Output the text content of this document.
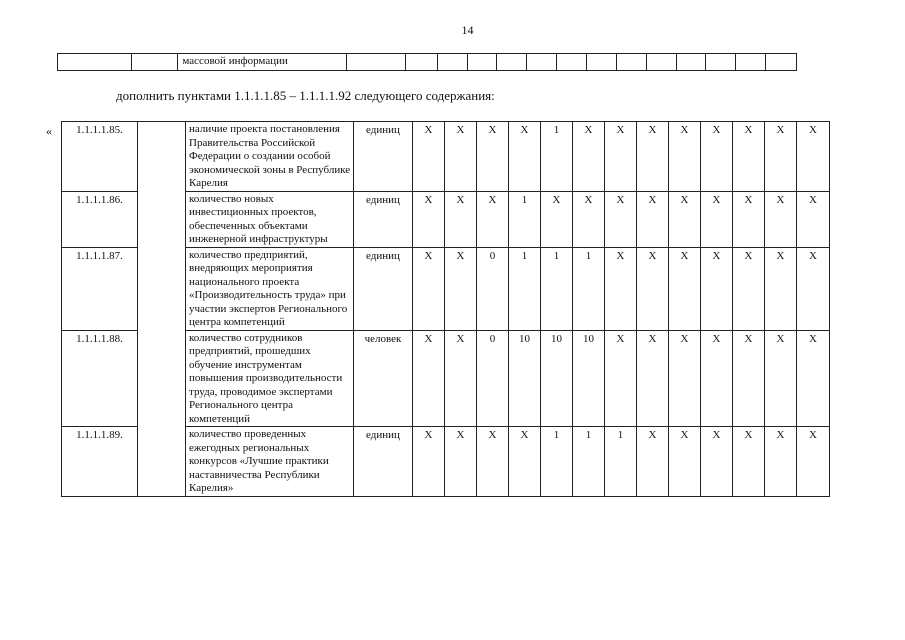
14
		массовой информации														
дополнить пунктами 1.1.1.1.85 – 1.1.1.1.92 следующего содержания:
« 1.1.1.1.85.		наличие проекта постановления Правительства Российской Федерации о создании особой экономической зоны в Республике Карелия	единиц	X	X	X	X	1	X	X	X	X	X	X	X	X
1.1.1.1.86.		количество новых инвестиционных проектов, обеспеченных объектами инженерной инфраструктуры	единиц	X	X	X	1	X	X	X	X	X	X	X	X	X
1.1.1.1.87.		количество предприятий, внедряющих мероприятия национального проекта «Производительность труда» при участии экспертов Регионального центра компетенций	единиц	X	X	0	1	1	1	X	X	X	X	X	X	X
1.1.1.1.88.		количество сотрудников предприятий, прошедших обучение инструментам повышения производительности труда, проводимое экспертами Регионального центра компетенций	человек	X	X	0	10	10	10	X	X	X	X	X	X	X
1.1.1.1.89.		количество проведенных ежегодных региональных конкурсов «Лучшие практики наставничества Республики Карелия»	единиц	X	X	X	X	1	1	1	X	X	X	X	X	X
